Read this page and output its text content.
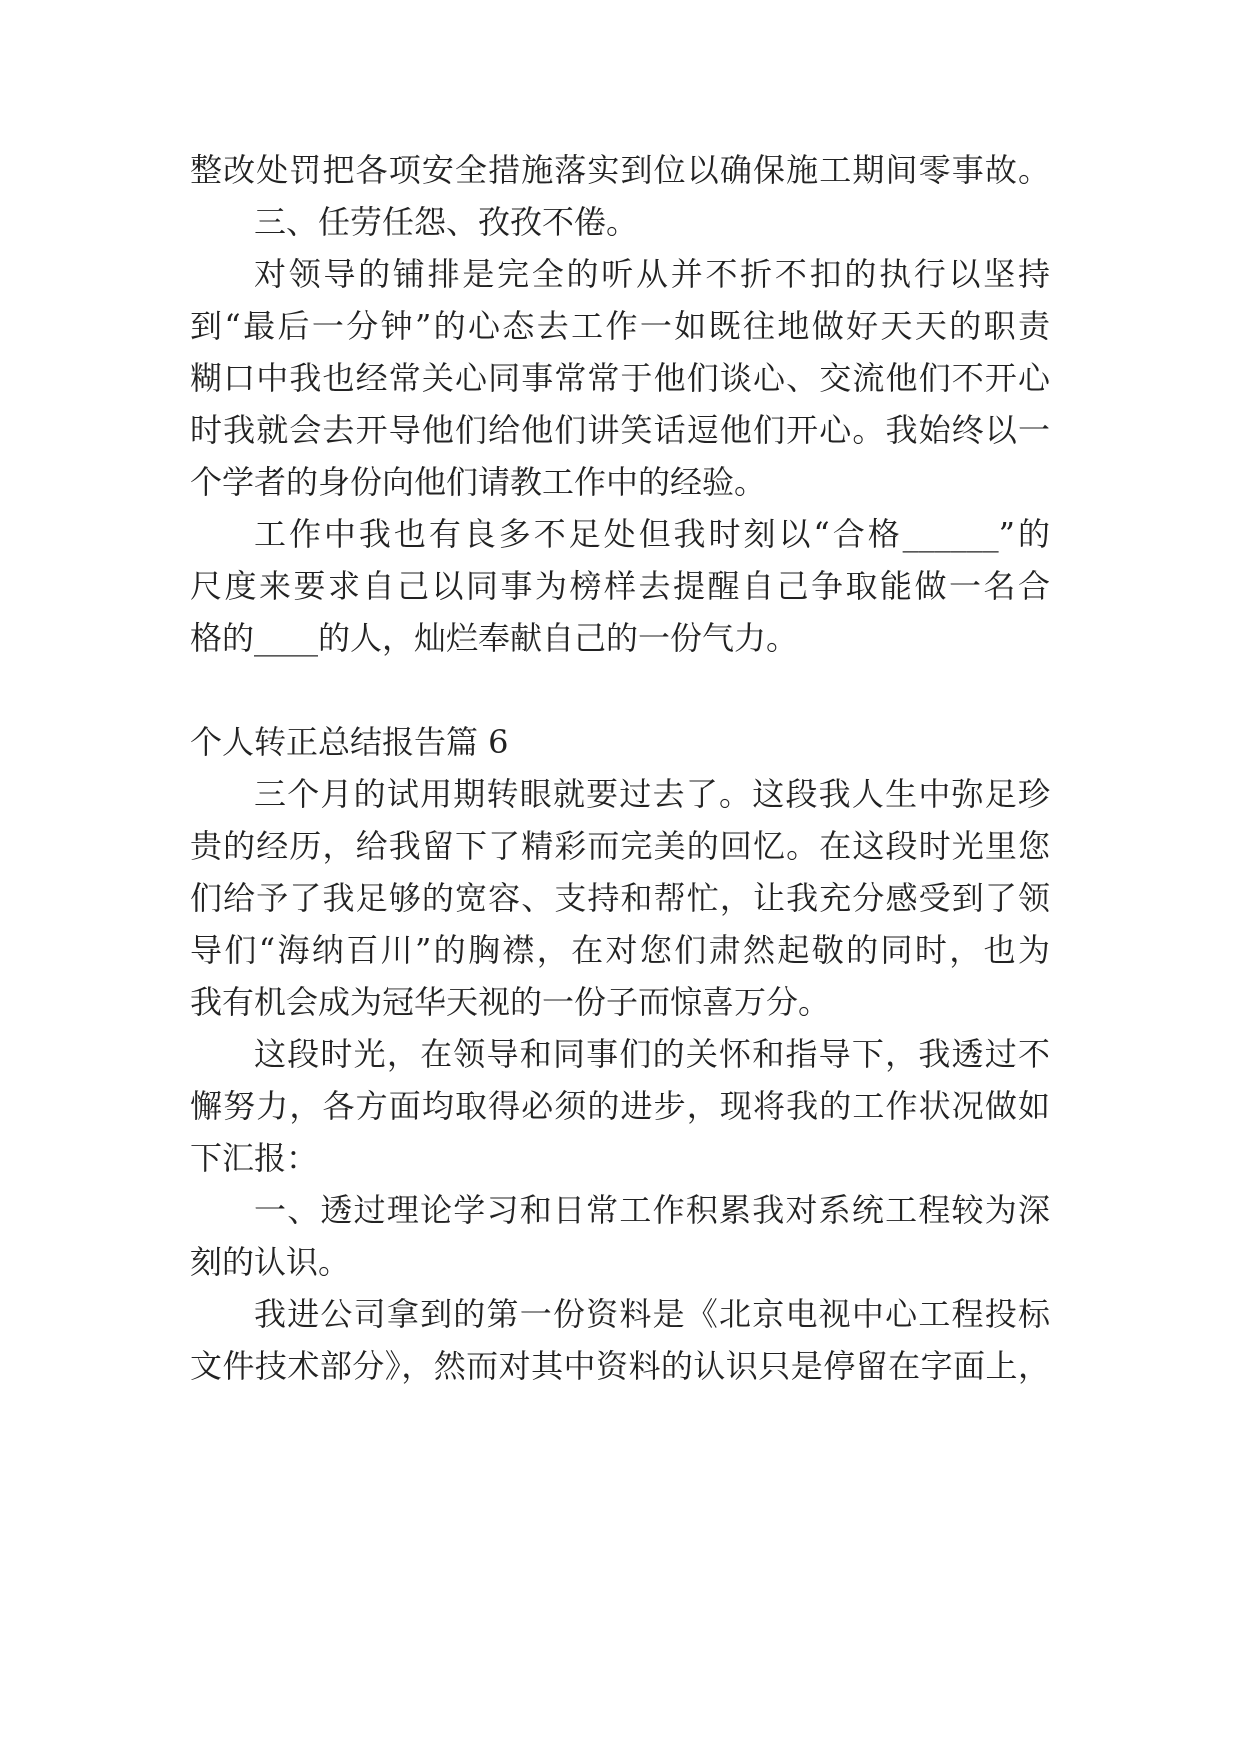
整改处罚把各项安全措施落实到位以确保施工期间零事故。
三、任劳任怨、孜孜不倦。
对领导的铺排是完全的听从并不折不扣的执行以坚持
到“最后一分钟”的心态去工作一如既往地做好天天的职责
糊口中我也经常关心同事常常于他们谈心、交流他们不开心
时我就会去开导他们给他们讲笑话逗他们开心。我始终以一
个学者的身份向他们请教工作中的经验。
工作中我也有良多不足处但我时刻以“合格______”的
尺度来要求自己以同事为榜样去提醒自己争取能做一名合
格的____的人，灿烂奉献自己的一份气力。
个人转正总结报告篇 6
三个月的试用期转眼就要过去了。这段我人生中弥足珍
贵的经历，给我留下了精彩而完美的回忆。在这段时光里您
们给予了我足够的宽容、支持和帮忙，让我充分感受到了领
导们“海纳百川”的胸襟，在对您们肃然起敬的同时，也为
我有机会成为冠华天视的一份子而惊喜万分。
这段时光，在领导和同事们的关怀和指导下，我透过不
懈努力，各方面均取得必须的进步，现将我的工作状况做如
下汇报：
一、透过理论学习和日常工作积累我对系统工程较为深
刻的认识。
我进公司拿到的第一份资料是《北京电视中心工程投标
文件技术部分》，然而对其中资料的认识只是停留在字面上，
